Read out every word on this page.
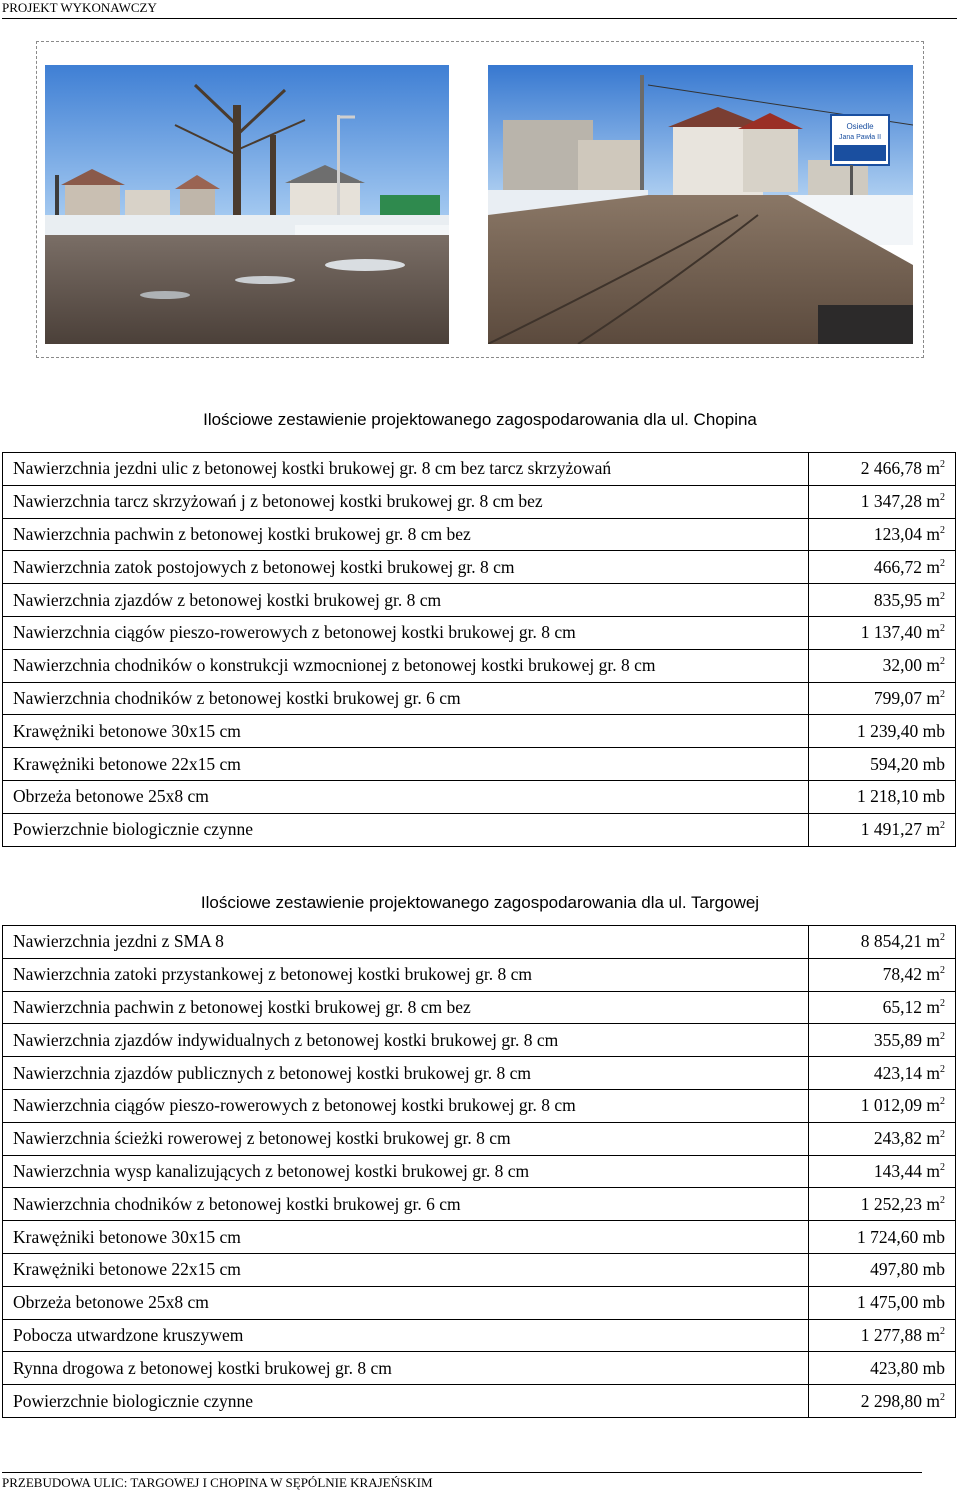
PROJEKT WYKONAWCZY
Osiedle
Jana Pawła II
Ilościowe zestawienie projektowanego zagospodarowania dla ul. Chopina
Nawierzchnia jezdni ulic z betonowej kostki brukowej gr. 8 cm bez tarcz skrzyżowań	2 466,78 $m^2$
Nawierzchnia tarcz skrzyżowań j z betonowej kostki brukowej gr. 8 cm bez	1 347,28 $m^2$
Nawierzchnia pachwin z betonowej kostki brukowej gr. 8 cm bez	123,04 $m^2$
Nawierzchnia zatok postojowych z betonowej kostki brukowej gr. 8 cm	466,72 $m^2$
Nawierzchnia zjazdów z betonowej kostki brukowej gr. 8 cm	835,95 $m^2$
Nawierzchnia ciągów pieszo-rowerowych z betonowej kostki brukowej gr. 8 cm	1 137,40 $m^2$
Nawierzchnia chodników o konstrukcji wzmocnionej z betonowej kostki brukowej gr. 8 cm	32,00 $m^2$
Nawierzchnia chodników z betonowej kostki brukowej gr. 6 cm	799,07 $m^2$
Krawężniki betonowe 30x15 cm	1 239,40 mb
Krawężniki betonowe 22x15 cm	594,20 mb
Obrzeża betonowe 25x8 cm	1 218,10 mb
Powierzchnie biologicznie czynne	1 491,27 $m^2$
Ilościowe zestawienie projektowanego zagospodarowania dla ul. Targowej
Nawierzchnia jezdni z SMA 8	8 854,21 $m^2$
Nawierzchnia zatoki przystankowej z betonowej kostki brukowej gr. 8 cm	78,42 $m^2$
Nawierzchnia pachwin z betonowej kostki brukowej gr. 8 cm bez	65,12 $m^2$
Nawierzchnia zjazdów indywidualnych z betonowej kostki brukowej gr. 8 cm	355,89 $m^2$
Nawierzchnia zjazdów publicznych z betonowej kostki brukowej gr. 8 cm	423,14 $m^2$
Nawierzchnia ciągów pieszo-rowerowych z betonowej kostki brukowej gr. 8 cm	1 012,09 $m^2$
Nawierzchnia ścieżki rowerowej z betonowej kostki brukowej gr. 8 cm	243,82 $m^2$
Nawierzchnia wysp kanalizujących z betonowej kostki brukowej gr. 8 cm	143,44 $m^2$
Nawierzchnia chodników z betonowej kostki brukowej gr. 6 cm	1 252,23 $m^2$
Krawężniki betonowe 30x15 cm	1 724,60 mb
Krawężniki betonowe 22x15 cm	497,80 mb
Obrzeża betonowe 25x8 cm	1 475,00 mb
Pobocza utwardzone kruszywem	1 277,88 $m^2$
Rynna drogowa z betonowej kostki brukowej gr. 8 cm	423,80 mb
Powierzchnie biologicznie czynne	2 298,80 $m^2$
PRZEBUDOWA ULIC: TARGOWEJ I CHOPINA W SĘPÓLNIE KRAJEŃSKIM
